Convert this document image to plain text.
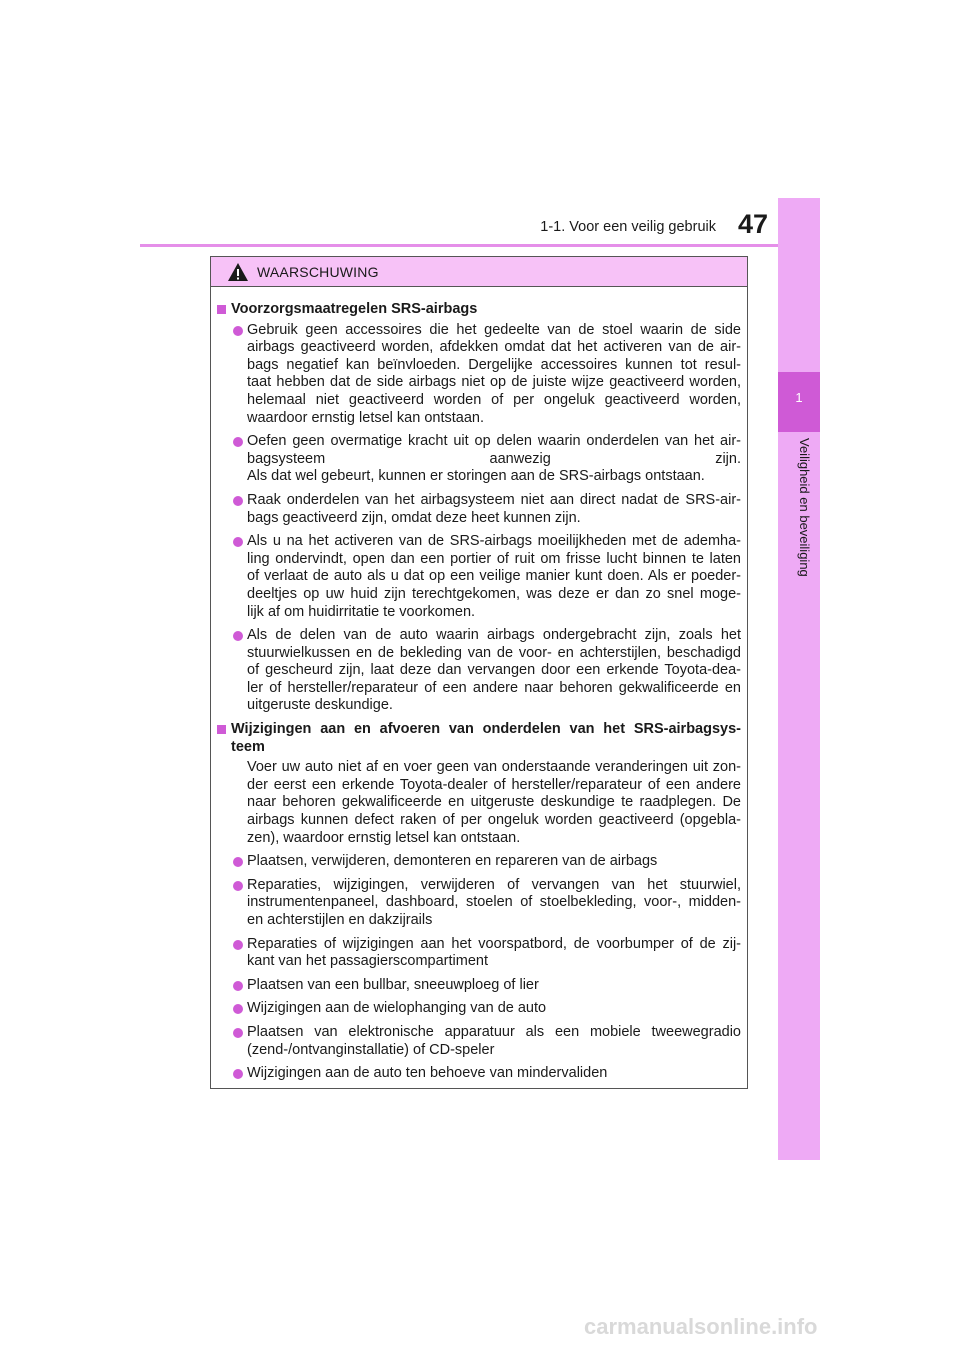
1-1. Voor een veilig gebruik 47
1
Veiligheid en beveiliging
WAARSCHUWING
Voorzorgsmaatregelen SRS-airbags
Gebruik geen accessoires die het gedeelte van de stoel waarin de side
airbags geactiveerd worden, afdekken omdat dat het activeren van de air-
bags negatief kan beïnvloeden. Dergelijke accessoires kunnen tot resul-
taat hebben dat de side airbags niet op de juiste wijze geactiveerd worden,
helemaal niet geactiveerd worden of per ongeluk geactiveerd worden,
waardoor ernstig letsel kan ontstaan.
Oefen geen overmatige kracht uit op delen waarin onderdelen van het air-
bagsysteem aanwezig zijn.
Als dat wel gebeurt, kunnen er storingen aan de SRS-airbags ontstaan.
Raak onderdelen van het airbagsysteem niet aan direct nadat de SRS-air-
bags geactiveerd zijn, omdat deze heet kunnen zijn.
Als u na het activeren van de SRS-airbags moeilijkheden met de ademha-
ling ondervindt, open dan een portier of ruit om frisse lucht binnen te laten
of verlaat de auto als u dat op een veilige manier kunt doen. Als er poeder-
deeltjes op uw huid zijn terechtgekomen, was deze er dan zo snel moge-
lijk af om huidirritatie te voorkomen.
Als de delen van de auto waarin airbags ondergebracht zijn, zoals het
stuurwielkussen en de bekleding van de voor- en achterstijlen, beschadigd
of gescheurd zijn, laat deze dan vervangen door een erkende Toyota-dea-
ler of hersteller/reparateur of een andere naar behoren gekwalificeerde en
uitgeruste deskundige.
Wijzigingen aan en afvoeren van onderdelen van het SRS-airbagsys-
teem
Voer uw auto niet af en voer geen van onderstaande veranderingen uit zon-
der eerst een erkende Toyota-dealer of hersteller/reparateur of een andere
naar behoren gekwalificeerde en uitgeruste deskundige te raadplegen. De
airbags kunnen defect raken of per ongeluk worden geactiveerd (opgebla-
zen), waardoor ernstig letsel kan ontstaan.
Plaatsen, verwijderen, demonteren en repareren van de airbags
Reparaties, wijzigingen, verwijderen of vervangen van het stuurwiel,
instrumentenpaneel, dashboard, stoelen of stoelbekleding, voor-, midden-
en achterstijlen en dakzijrails
Reparaties of wijzigingen aan het voorspatbord, de voorbumper of de zij-
kant van het passagierscompartiment
Plaatsen van een bullbar, sneeuwploeg of lier
Wijzigingen aan de wielophanging van de auto
Plaatsen van elektronische apparatuur als een mobiele tweewegradio
(zend-/ontvanginstallatie) of CD-speler
Wijzigingen aan de auto ten behoeve van mindervaliden
carmanualsonline.info
